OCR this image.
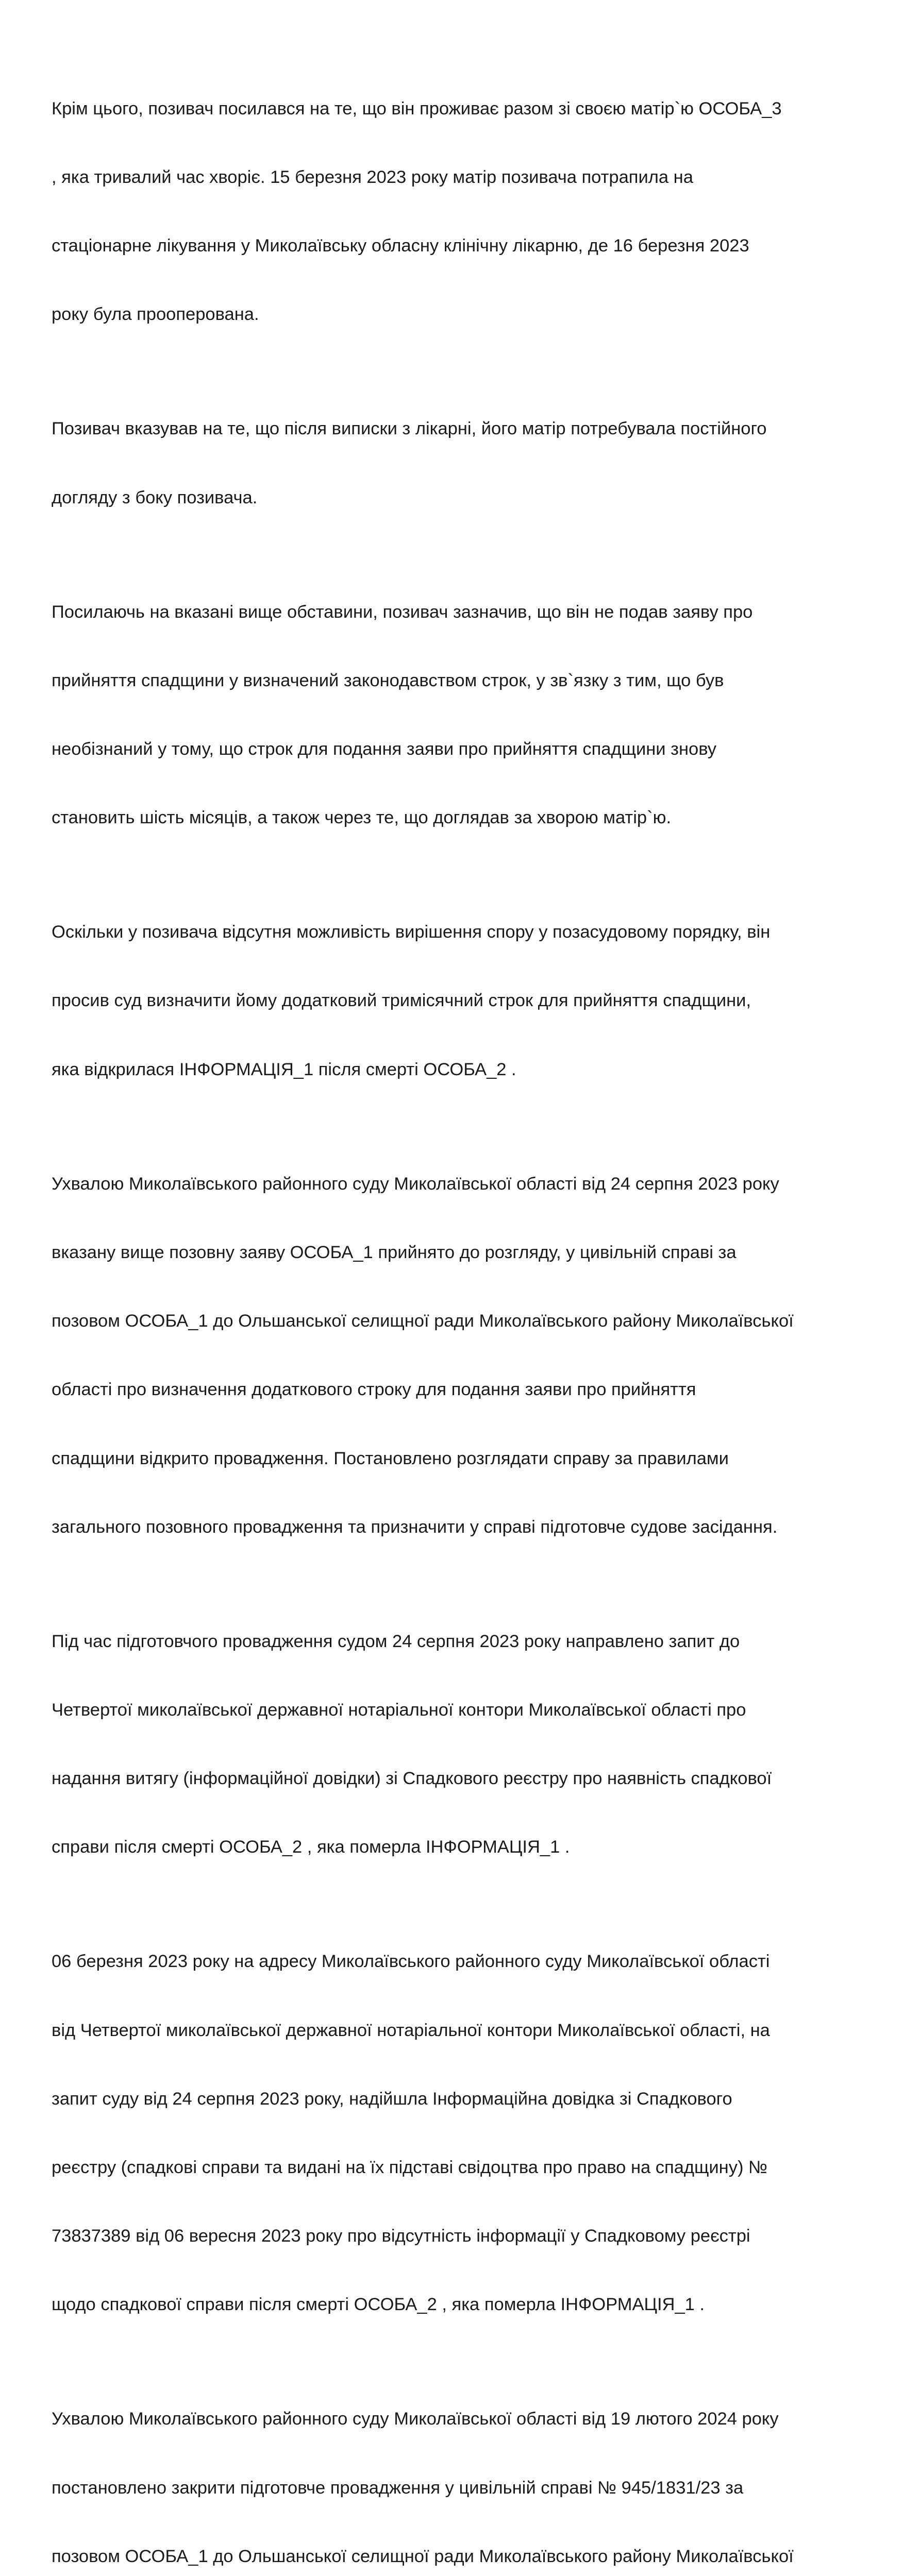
Крім цього, позивач посилався на те, що він проживає разом зі своєю матір`ю ОСОБА_3

, яка тривалий час хворіє. 15 березня 2023 року матір позивача потрапила на

стаціонарне лікування у Миколаївську обласну клінічну лікарню, де 16 березня 2023

року була прооперована.

Позивач вказував на те, що після виписки з лікарні, його матір потребувала постійного

догляду з боку позивача.

Посилаючь на вказані вище обставини, позивач зазначив, що він не подав заяву про

прийняття спадщини у визначений законодавством строк, у зв`язку з тим, що був

необізнаний у тому, що строк для подання заяви про прийняття спадщини знову

становить шість місяців, а також через те, що доглядав за хворою матір`ю.

Оскільки у позивача відсутня можливість вирішення спору у позасудовому порядку, він

просив суд визначити йому додатковий тримісячний строк для прийняття спадщини,

яка відкрилася ІНФОРМАЦІЯ_1 після смерті ОСОБА_2 .

Ухвалою Миколаївського районного суду Миколаївської області від 24 серпня 2023 року

вказану вище позовну заяву ОСОБА_1 прийнято до розгляду, у цивільній справі за

позовом ОСОБА_1 до Ольшанської селищної ради Миколаївського району Миколаївської

області про визначення додаткового строку для подання заяви про прийняття

спадщини відкрито провадження. Постановлено розглядати справу за правилами

загального позовного провадження та призначити у справі підготовче судове засідання.

Під час підготовчого провадження судом 24 серпня 2023 року направлено запит до

Четвертої миколаївської державної нотаріальної контори Миколаївської області про

надання витягу (інформаційної довідки) зі Спадкового реєстру про наявність спадкової

справи після смерті ОСОБА_2 , яка померла ІНФОРМАЦІЯ_1 .

06 березня 2023 року на адресу Миколаївського районного суду Миколаївської області

від Четвертої миколаївської державної нотаріальної контори Миколаївської області, на

запит суду від 24 серпня 2023 року, надійшла Інформаційна довідка зі Спадкового

реєстру (спадкові справи та видані на їх підставі свідоцтва про право на спадщину) №

73837389 від 06 вересня 2023 року про відсутність інформації у Спадковому реєстрі

щодо спадкової справи після смерті ОСОБА_2 , яка померла ІНФОРМАЦІЯ_1 .

Ухвалою Миколаївського районного суду Миколаївської області від 19 лютого 2024 року

постановлено закрити підготовче провадження у цивільній справі № 945/1831/23 за

позовом ОСОБА_1 до Ольшанської селищної ради Миколаївського району Миколаївської
